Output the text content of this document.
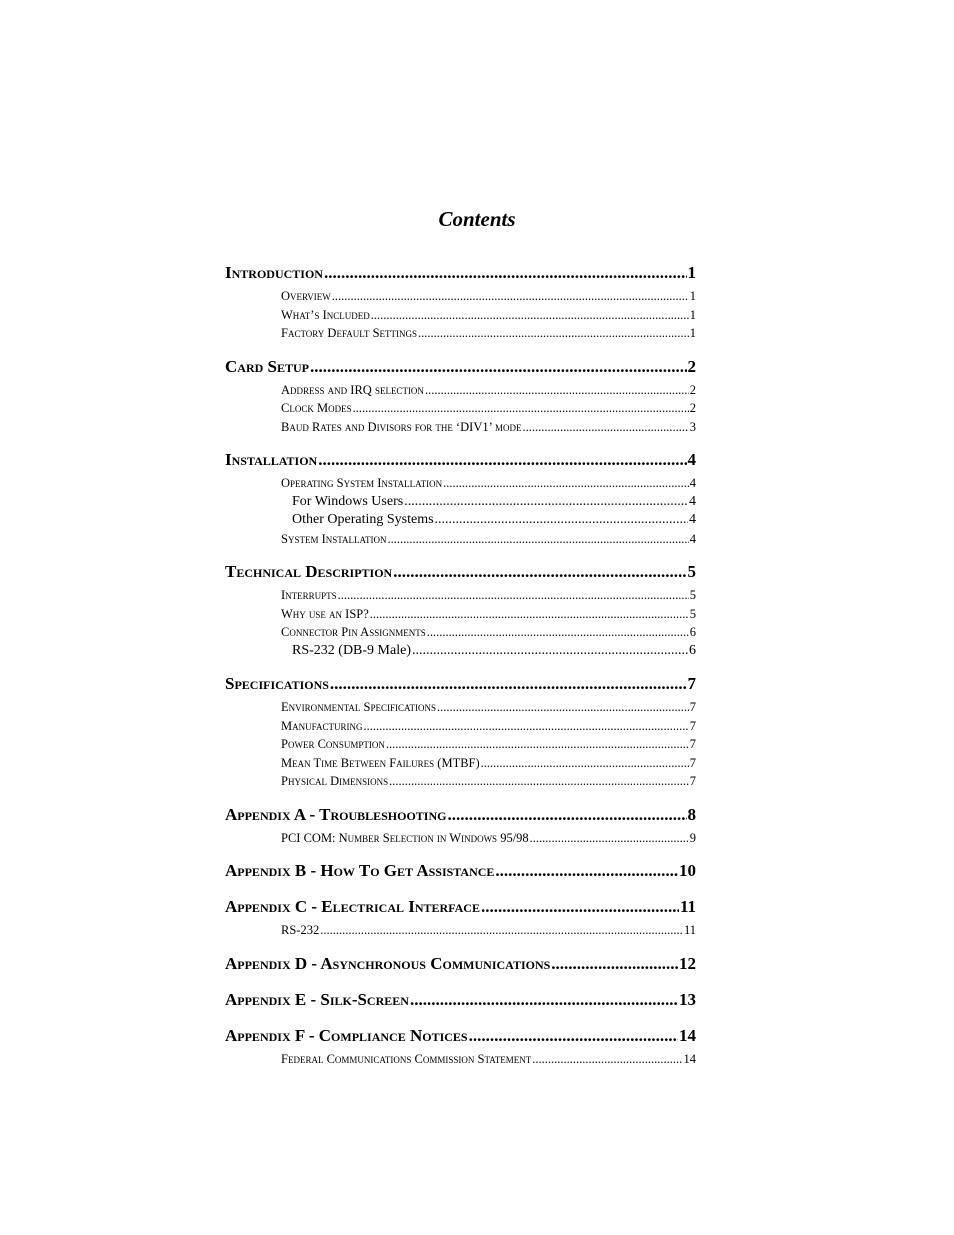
Contents
Introduction .....	1
Overview .....	1
What’s Included .....	1
Factory Default Settings .....	1
Card Setup .....	2
Address and IRQ selection .....	2
Clock Modes .....	2
Baud Rates and Divisors for the ‘DIV1’ mode .....	3
Installation .....	4
Operating System Installation .....	4
For Windows Users .....	4
Other Operating Systems .....	4
System Installation .....	4
Technical Description .....	5
Interrupts .....	5
Why use an ISP? .....	5
Connector Pin Assignments .....	6
RS-232 (DB-9 Male) .....	6
Specifications .....	7
Environmental Specifications .....	7
Manufacturing .....	7
Power Consumption .....	7
Mean Time Between Failures (MTBF) .....	7
Physical Dimensions .....	7
Appendix A - Troubleshooting .....	8
PCI COM: Number Selection in Windows 95/98 .....	9
Appendix B - How To Get Assistance .....	10
Appendix C - Electrical Interface .....	11
RS-232 .....	11
Appendix D - Asynchronous Communications .....	12
Appendix E - Silk-Screen .....	13
Appendix F - Compliance Notices .....	14
Federal Communications Commission Statement .....	14
